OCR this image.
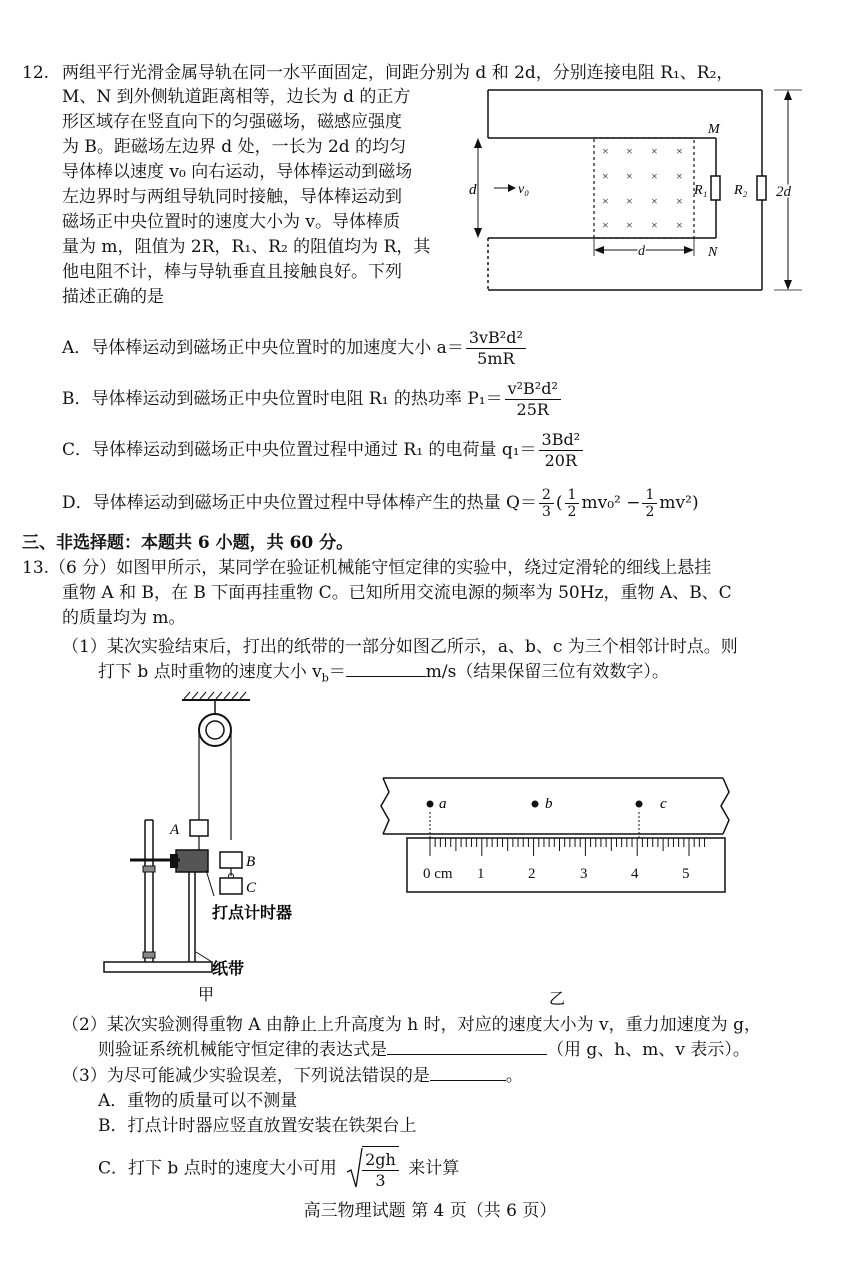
12. 两组平行光滑金属导轨在同一水平面固定，间距分别为 d 和 2d，分别连接电阻 R₁、R₂，
M、N 到外侧轨道距离相等，边长为 d 的正方
形区域存在竖直向下的匀强磁场，磁感应强度
为 B。距磁场左边界 d 处，一长为 2d 的均匀
导体棒以速度 v₀ 向右运动，导体棒运动到磁场
左边界时与两组导轨同时接触，导体棒运动到
磁场正中央位置时的速度大小为 v。导体棒质
量为 m，阻值为 2R，R₁、R₂ 的阻值均为 R，其
他电阻不计，棒与导轨垂直且接触良好。下列
描述正确的是
× × × ×
× × × ×
× × × ×
× × × ×
R₁ R₂
M
N
d	v₀
d
2d
A．导体棒运动到磁场正中央位置时的加速度大小 $a= \frac{\text{3vB²d²}}{5mR}$
B．导体棒运动到磁场正中央位置时电阻 R₁ 的热功率 $P_1= \frac{\text{v²B²d²}}{25R}$
C．导体棒运动到磁场正中央位置过程中通过 R₁ 的电荷量 $q_1= \frac{\text{3Bd²}}{20R}$
D．导体棒运动到磁场正中央位置过程中导体棒产生的热量 $Q= \frac{2}{3}$ ( $\frac{1}{2} mv_0^2 - \frac{1}{2} mv^2$)
三、非选择题：本题共 6 小题，共 60 分。
13.（6 分）如图甲所示，某同学在验证机械能守恒定律的实验中，绕过定滑轮的细线上悬挂
重物 A 和 B，在 B 下面再挂重物 C。已知所用交流电源的频率为 50Hz，重物 A、B、C
的质量均为 m。
（1）某次实验结束后，打出的纸带的一部分如图乙所示，a、b、c 为三个相邻计时点。则
打下 b 点时重物的速度大小 $v_b=$	m/s（结果保留三位有效数字）。
A
B
C
打点计时器
纸带
甲
a	b	c
0 cm 1	2	3	4	5
乙
（2）某次实验测得重物 A 由静止上升高度为 h 时，对应的速度大小为 v，重力加速度为 g，
则验证系统机械能守恒定律的表达式是	（用 g、h、m、v 表示）。
（3）为尽可能减少实验误差，下列说法错误的是	。
A．重物的质量可以不测量
B．打点计时器应竖直放置安装在铁架台上
C．打下 b 点时的速度大小可用 $\frac{2gh}{3}$ 来计算
高三物理试题 第 4 页（共 6 页）
